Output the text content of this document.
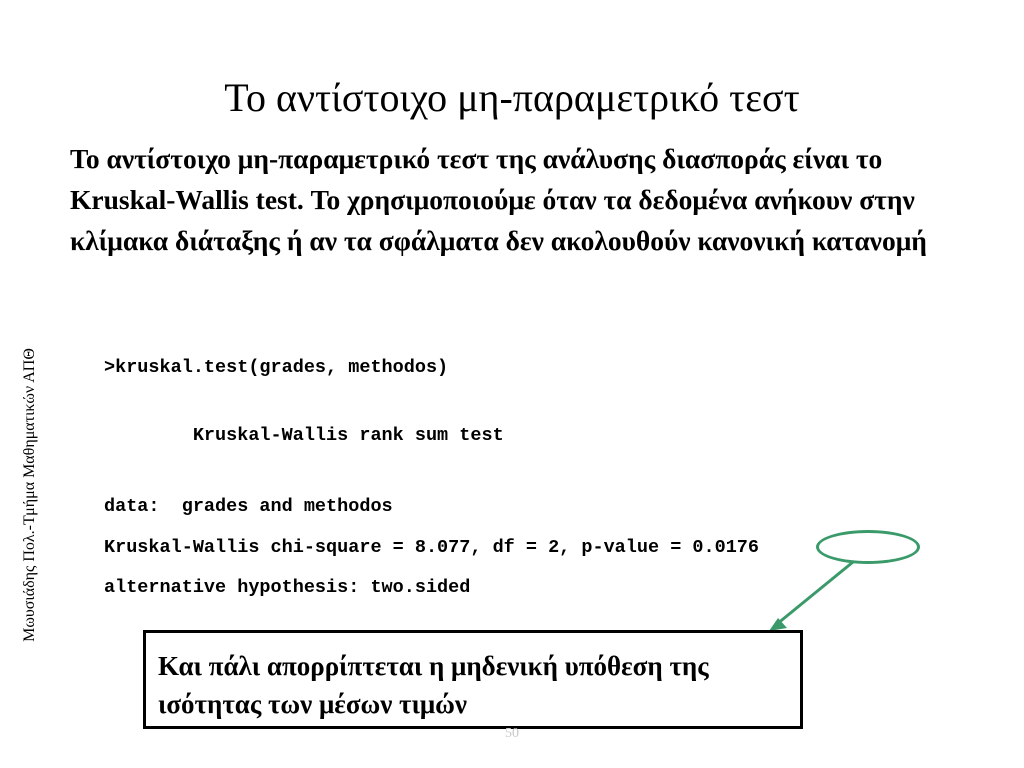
Το αντίστοιχο μη-παραμετρικό τεστ
Το αντίστοιχο μη-παραμετρικό τεστ της ανάλυσης διασποράς είναι το Kruskal-Wallis test. Το χρησιμοποιούμε όταν τα δεδομένα ανήκουν στην κλίμακα διάταξης ή αν τα σφάλματα δεν ακολουθούν κανονική κατανομή
Μωυσιάδης Πολ.-Τμήμα Μαθηματικών ΑΠΘ	>kruskal.test(grades, methodos)
Kruskal-Wallis rank sum test
data:  grades and methodos
Kruskal-Wallis chi-square = 8.077, df = 2, p-value = 0.0176
alternative hypothesis: two.sided
Και πάλι απορρίπτεται η μηδενική υπόθεση της ισότητας των μέσων τιμών
50
